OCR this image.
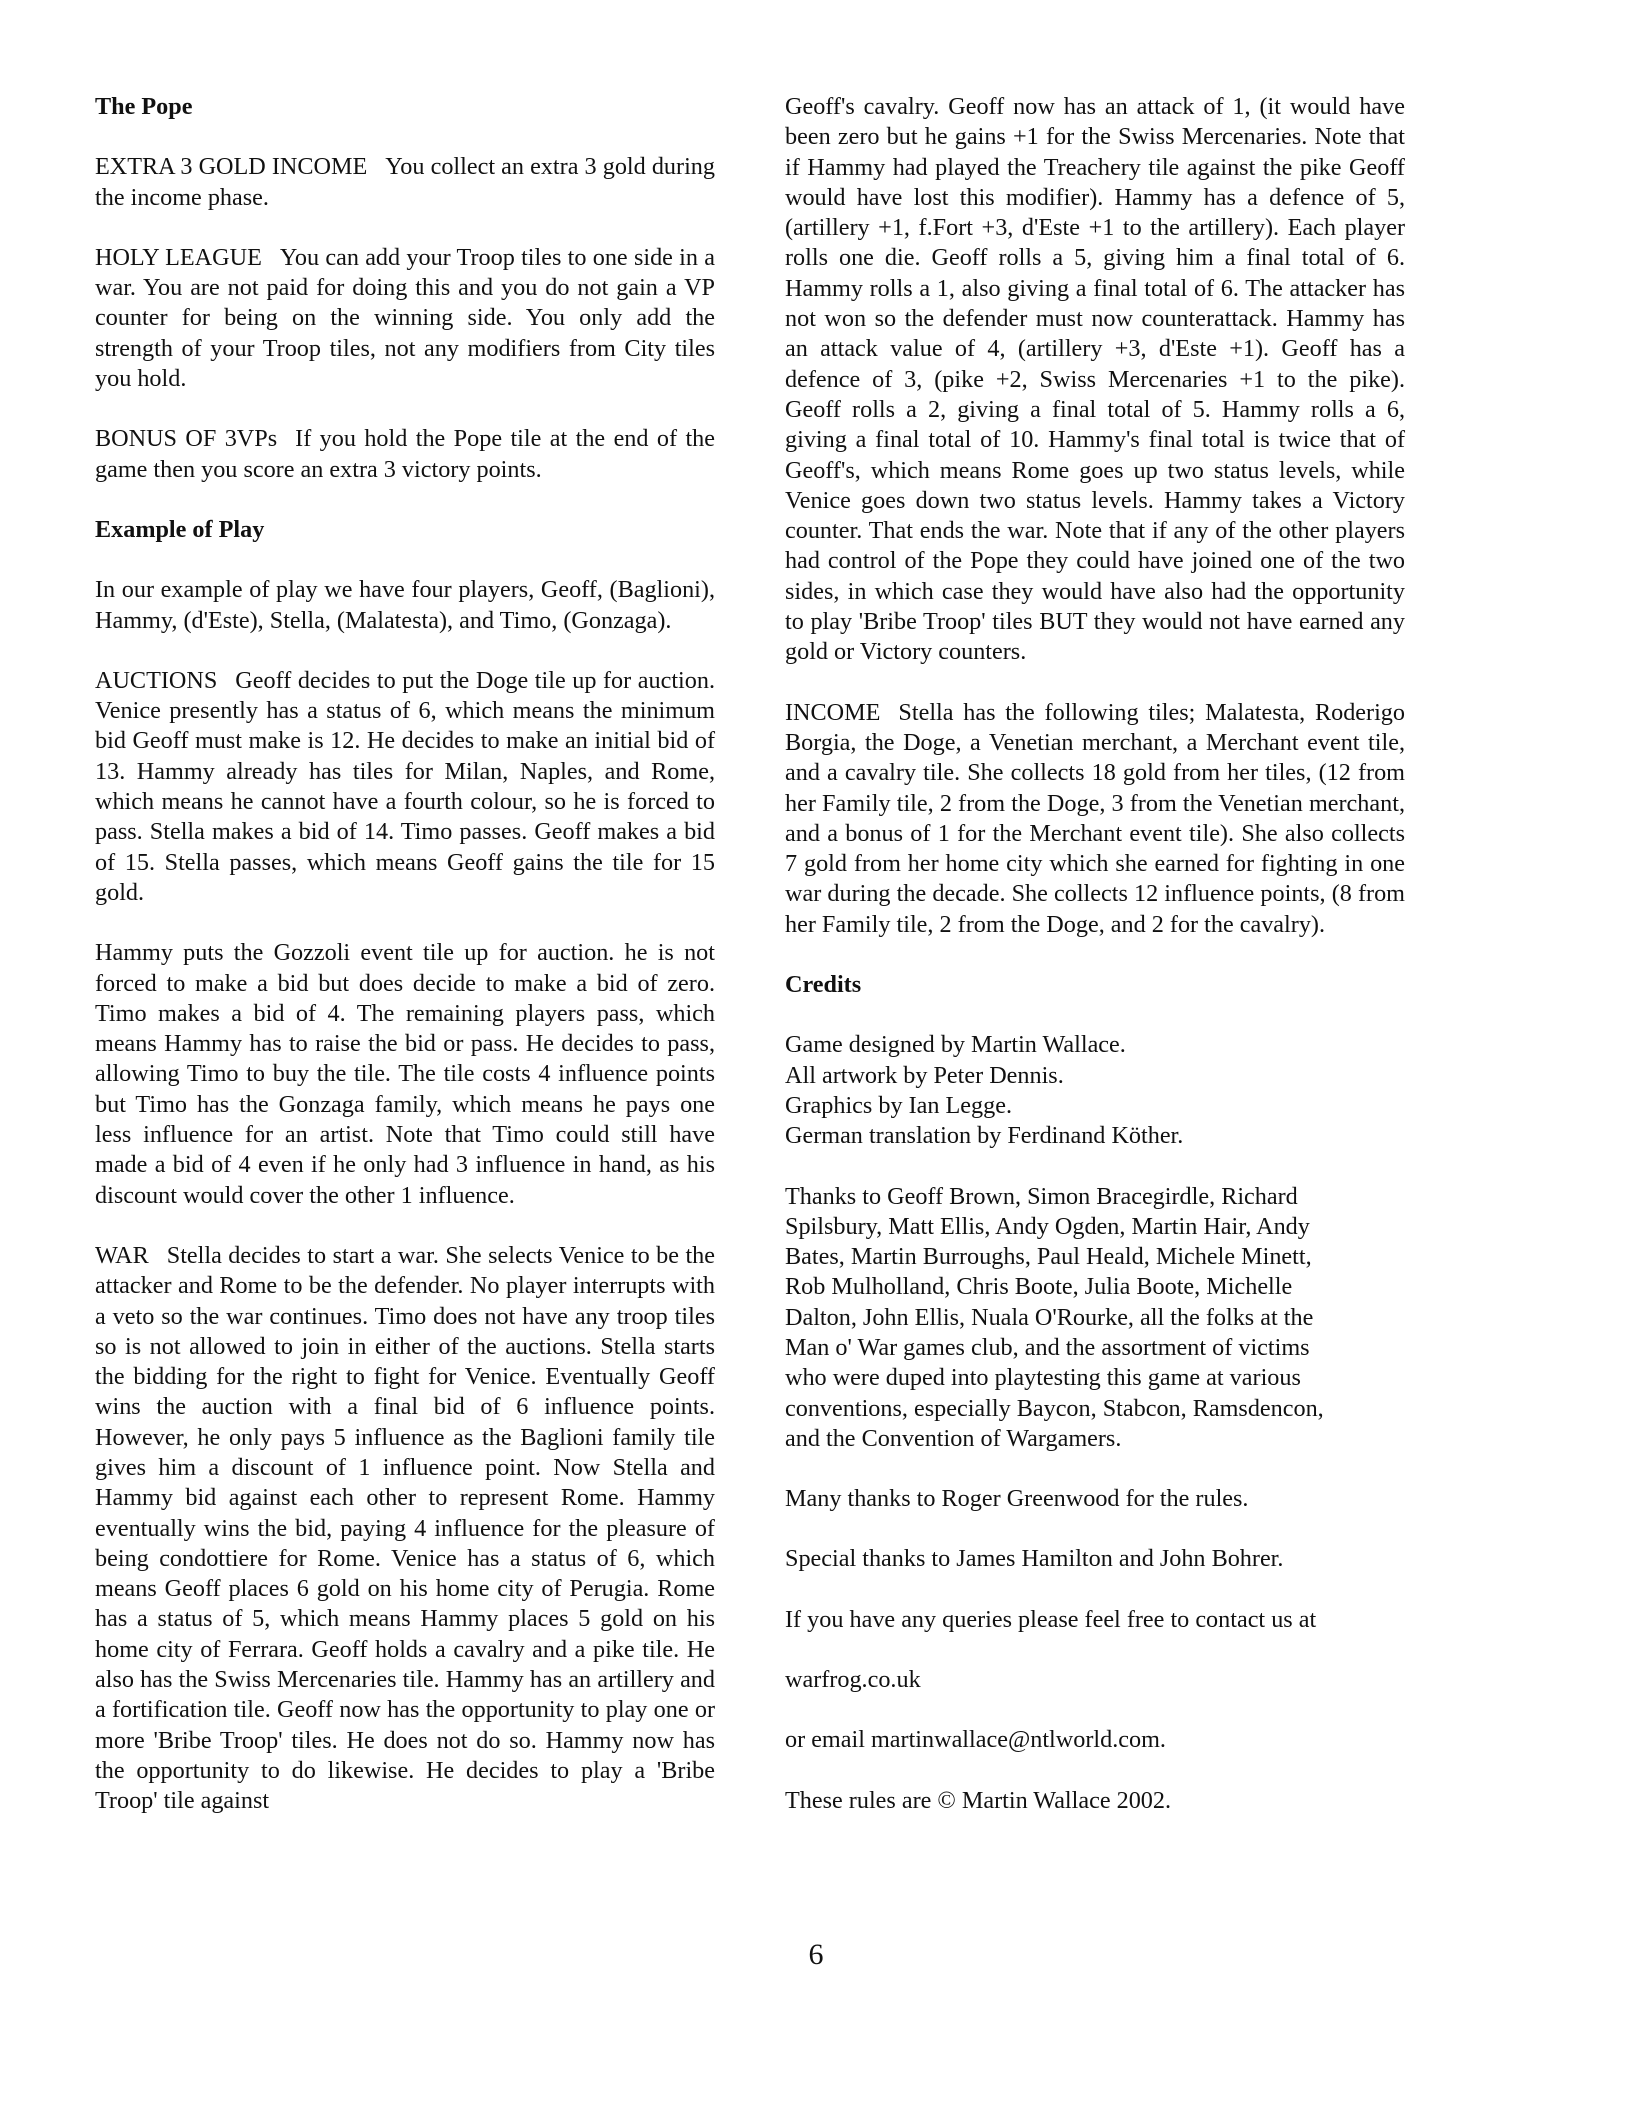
The Pope

EXTRA 3 GOLD INCOME You collect an extra 3 gold during the income phase.

HOLY LEAGUE You can add your Troop tiles to one side in a war. You are not paid for doing this and you do not gain a VP counter for being on the winning side. You only add the strength of your Troop tiles, not any modifiers from City tiles you hold.

BONUS OF 3VPs If you hold the Pope tile at the end of the game then you score an extra 3 victory points.

Example of Play

In our example of play we have four players, Geoff, (Baglioni), Hammy, (d'Este), Stella, (Malatesta), and Timo, (Gonzaga).

AUCTIONS Geoff decides to put the Doge tile up for auction. Venice presently has a status of 6, which means the minimum bid Geoff must make is 12. He decides to make an initial bid of 13. Hammy already has tiles for Milan, Naples, and Rome, which means he cannot have a fourth colour, so he is forced to pass. Stella makes a bid of 14. Timo passes. Geoff makes a bid of 15. Stella passes, which means Geoff gains the tile for 15 gold.

Hammy puts the Gozzoli event tile up for auction. he is not forced to make a bid but does decide to make a bid of zero. Timo makes a bid of 4. The remaining players pass, which means Hammy has to raise the bid or pass. He decides to pass, allowing Timo to buy the tile. The tile costs 4 influence points but Timo has the Gonzaga family, which means he pays one less influence for an artist. Note that Timo could still have made a bid of 4 even if he only had 3 influence in hand, as his discount would cover the other 1 influence.

WAR Stella decides to start a war. She selects Venice to be the attacker and Rome to be the defender. No player interrupts with a veto so the war continues. Timo does not have any troop tiles so is not allowed to join in either of the auctions. Stella starts the bidding for the right to fight for Venice. Eventually Geoff wins the auction with a final bid of 6 influence points. However, he only pays 5 influence as the Baglioni family tile gives him a discount of 1 influence point. Now Stella and Hammy bid against each other to represent Rome. Hammy eventually wins the bid, paying 4 influence for the pleasure of being condottiere for Rome. Venice has a status of 6, which means Geoff places 6 gold on his home city of Perugia. Rome has a status of 5, which means Hammy places 5 gold on his home city of Ferrara. Geoff holds a cavalry and a pike tile. He also has the Swiss Mercenaries tile. Hammy has an artillery and a fortification tile. Geoff now has the opportunity to play one or more 'Bribe Troop' tiles. He does not do so. Hammy now has the opportunity to do likewise. He decides to play a 'Bribe Troop' tile against

Geoff's cavalry. Geoff now has an attack of 1, (it would have been zero but he gains +1 for the Swiss Mercenaries. Note that if Hammy had played the Treachery tile against the pike Geoff would have lost this modifier). Hammy has a defence of 5, (artillery +1, f.Fort +3, d'Este +1 to the artillery). Each player rolls one die. Geoff rolls a 5, giving him a final total of 6. Hammy rolls a 1, also giving a final total of 6. The attacker has not won so the defender must now counterattack. Hammy has an attack value of 4, (artillery +3, d'Este +1). Geoff has a defence of 3, (pike +2, Swiss Mercenaries +1 to the pike). Geoff rolls a 2, giving a final total of 5. Hammy rolls a 6, giving a final total of 10. Hammy's final total is twice that of Geoff's, which means Rome goes up two status levels, while Venice goes down two status levels. Hammy takes a Victory counter. That ends the war. Note that if any of the other players had control of the Pope they could have joined one of the two sides, in which case they would have also had the opportunity to play 'Bribe Troop' tiles BUT they would not have earned any gold or Victory counters.

INCOME Stella has the following tiles; Malatesta, Roderigo Borgia, the Doge, a Venetian merchant, a Merchant event tile, and a cavalry tile. She collects 18 gold from her tiles, (12 from her Family tile, 2 from the Doge, 3 from the Venetian merchant, and a bonus of 1 for the Merchant event tile). She also collects 7 gold from her home city which she earned for fighting in one war during the decade. She collects 12 influence points, (8 from her Family tile, 2 from the Doge, and 2 for the cavalry).

Credits

Game designed by Martin Wallace.
All artwork by Peter Dennis.
Graphics by Ian Legge.
German translation by Ferdinand Köther.
Thanks to Geoff Brown, Simon Bracegirdle, Richard
Spilsbury, Matt Ellis, Andy Ogden, Martin Hair, Andy
Bates, Martin Burroughs, Paul Heald, Michele Minett,
Rob Mulholland, Chris Boote, Julia Boote, Michelle
Dalton, John Ellis, Nuala O'Rourke, all the folks at the
Man o' War games club, and the assortment of victims
who were duped into playtesting this game at various
conventions, especially Baycon, Stabcon, Ramsdencon,
and the Convention of Wargamers.

Many thanks to Roger Greenwood for the rules.

Special thanks to James Hamilton and John Bohrer.

If you have any queries please feel free to contact us at

warfrog.co.uk

or email martinwallace@ntlworld.com.

These rules are © Martin Wallace 2002.

6
